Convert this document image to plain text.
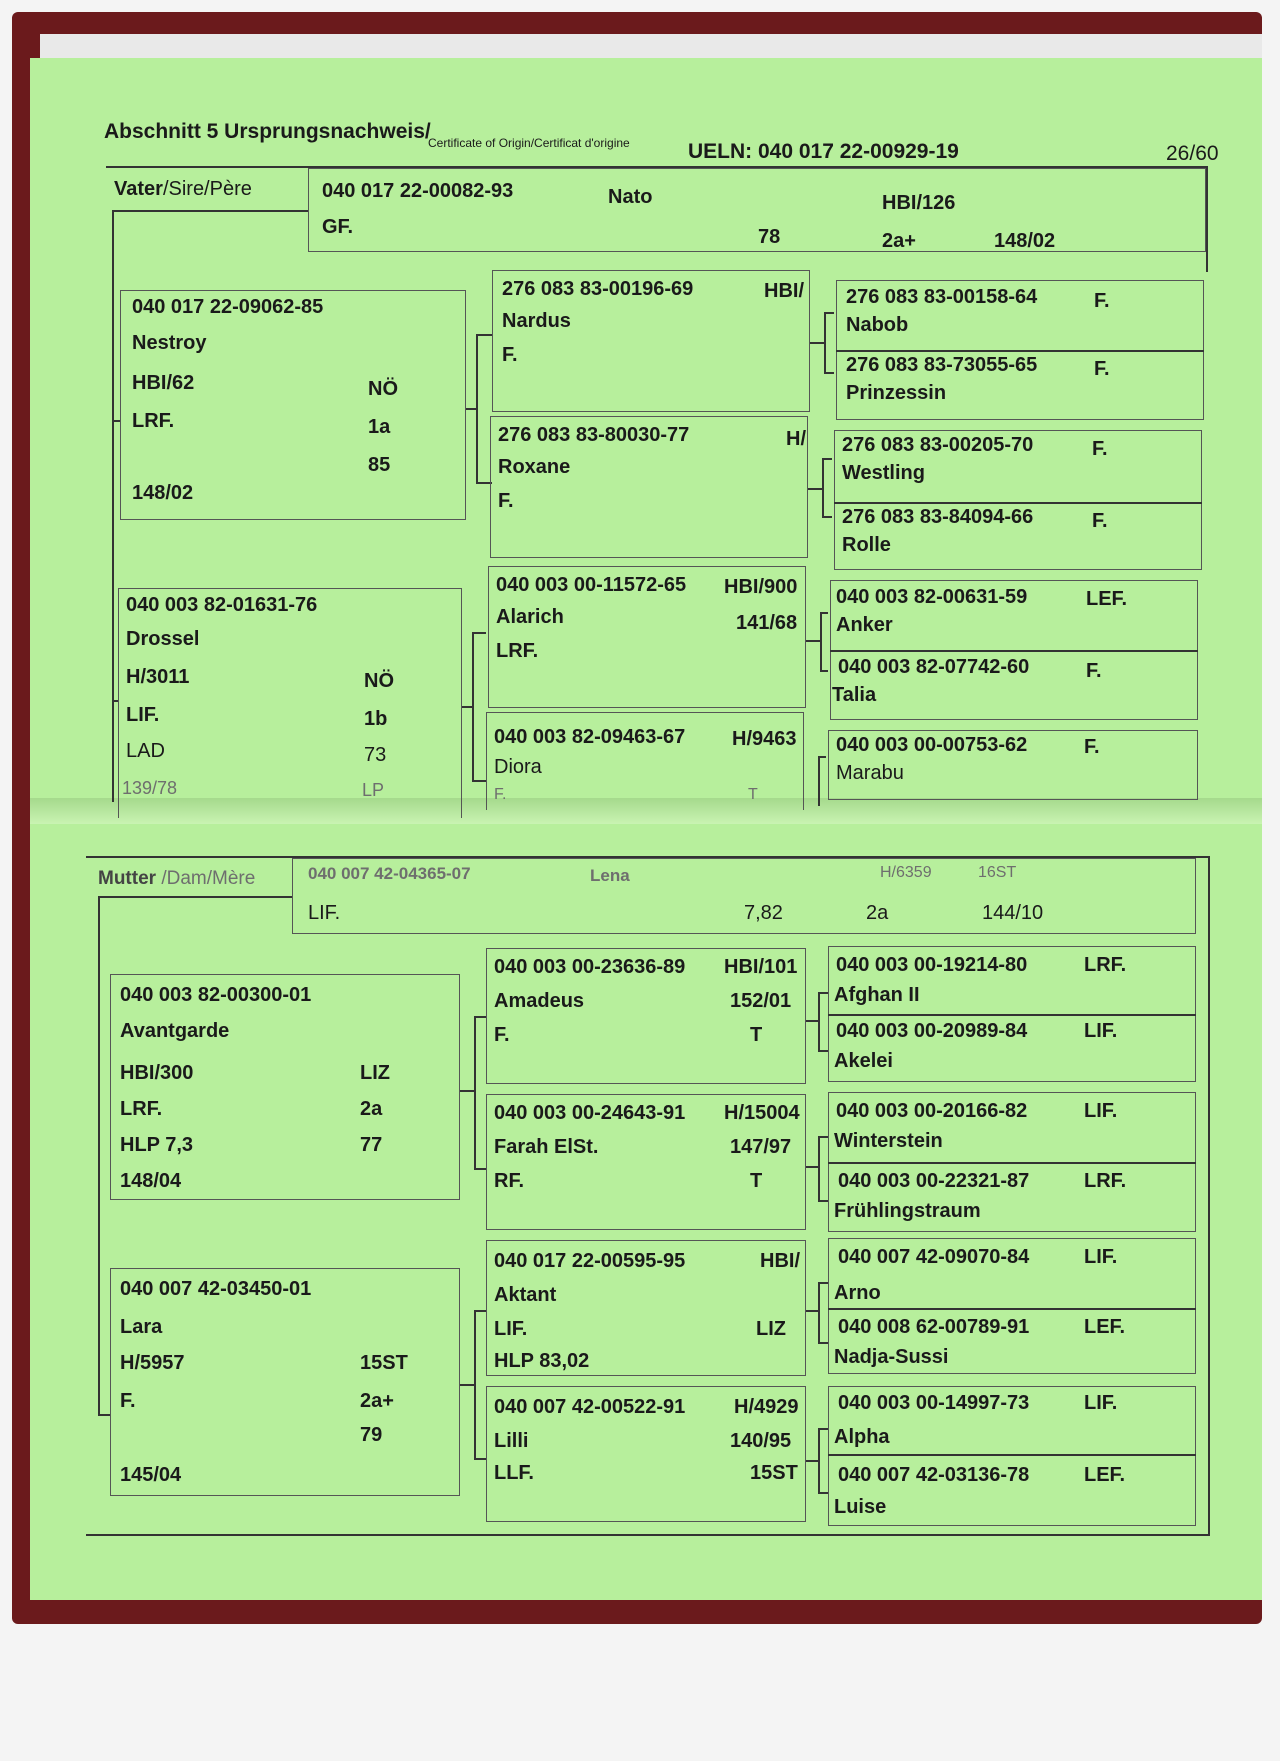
Abschnitt 5 Ursprungsnachweis/
Certificate of Origin/Certificat d'origine	UELN: 040 017 22-00929-19	26/60
Vater/Sire/Père	040 017 22-00082-93	Nato	HBI/126
GF.	78	2a+	148/02
040 017 22-09062-85
Nestroy
HBI/62	NÖ
LRF.	1a
85
148/02
040 003 82-01631-76
Drossel
H/3011	NÖ
LIF.	1b
LAD	73
139/78	LP
276 083 83-00196-69	HBI/
Nardus
F.
276 083 83-80030-77	H/
Roxane
F.
040 003 00-11572-65 HBI/900
Alarich	141/68
LRF.
040 003 82-09463-67 H/9463
Diora
F.	T
276 083 83-00158-64	F.
Nabob
276 083 83-73055-65	F.
Prinzessin
276 083 83-00205-70	F.
Westling
276 083 83-84094-66	F.
Rolle
040 003 82-00631-59	LEF.
Anker
040 003 82-07742-60	F.
Talia
040 003 00-00753-62	F.
Marabu
Mutter /Dam/Mère	040 007 42-04365-07	Lena	H/6359	16ST
LIF.	7,82	2a	144/10
040 003 82-00300-01
Avantgarde
HBI/300	LIZ
LRF.	2a
HLP 7,3	77
148/04
040 007 42-03450-01
Lara
H/5957	15ST
F.	2a+
79
145/04
040 003 00-23636-89 HBI/101
Amadeus	152/01
F.	T
040 003 00-24643-91 H/15004
Farah ElSt.	147/97
RF.	T
040 017 22-00595-95	HBI/
Aktant
LIF.	LIZ
HLP 83,02
040 007 42-00522-91 H/4929
Lilli	140/95
LLF.	15ST
040 003 00-19214-80	LRF.
Afghan II
040 003 00-20989-84	LIF.
Akelei
040 003 00-20166-82	LIF.
Winterstein
040 003 00-22321-87	LRF.
Frühlingstraum
040 007 42-09070-84	LIF.
Arno
040 008 62-00789-91	LEF.
Nadja-Sussi
040 003 00-14997-73	LIF.
Alpha
040 007 42-03136-78	LEF.
Luise
